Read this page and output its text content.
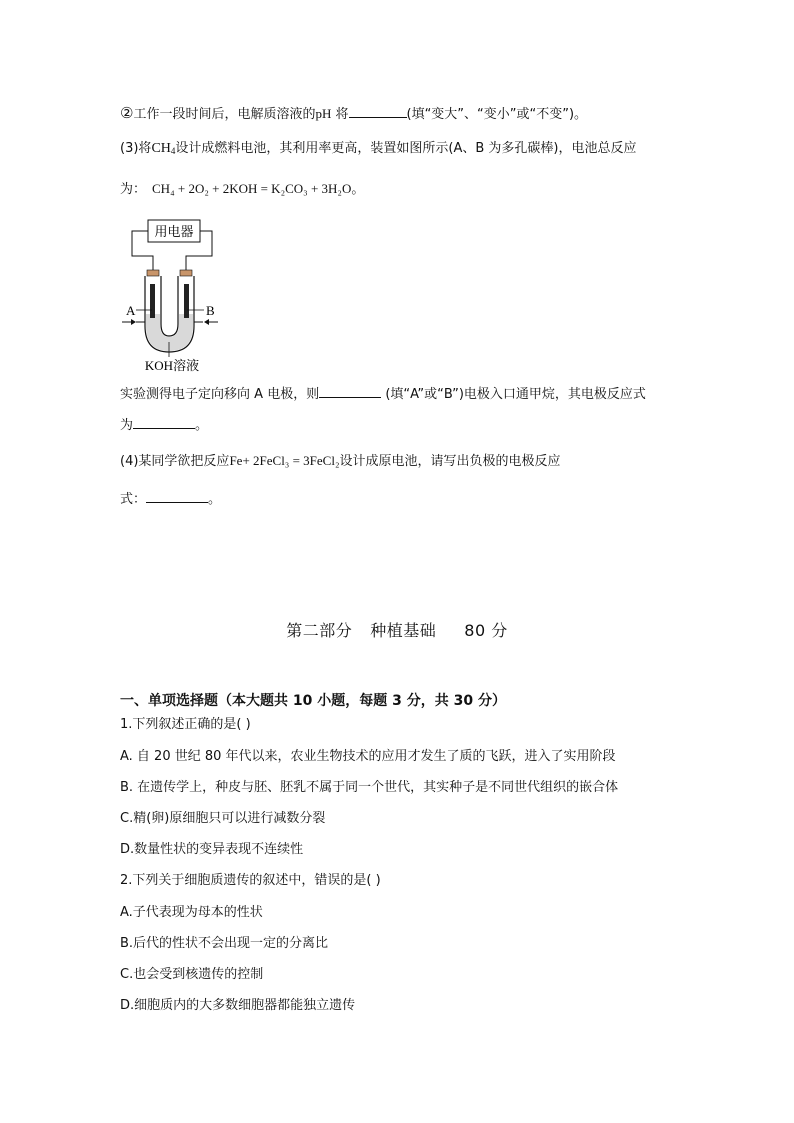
②工作一段时间后，电解质溶液的pH 将	(填“变大”、“变小”或“不变”)。
(3)将$CH_4$设计成燃料电池，其利用率更高，装置如图所示(A、B 为多孔碳棒)，电池总反应
为： CH₄ + 2O₂ + 2KOH = K₂CO₃ + 3H₂O。
用电器
A	B
KOH溶液
实验测得电子定向移向 A 电极，则	(填“A”或“B”)电极入口通甲烷，其电极反应式
为	。
(4)某同学欲把反应Fe+ 2FeCl₃ = 3FeCl₂设计成原电池，请写出负极的电极反应
式：	。
第二部分 种植基础 80 分
一、单项选择题（本大题共 10 小题，每题 3 分，共 30 分）
1.下列叙述正确的是( )
A. 自 20 世纪 80 年代以来，农业生物技术的应用才发生了质的飞跃，进入了实用阶段
B. 在遗传学上，种皮与胚、胚乳不属于同一个世代，其实种子是不同世代组织的嵌合体
C.精(卵)原细胞只可以进行减数分裂
D.数量性状的变异表现不连续性
2.下列关于细胞质遗传的叙述中，错误的是( )
A.子代表现为母本的性状
B.后代的性状不会出现一定的分离比
C.也会受到核遗传的控制
D.细胞质内的大多数细胞器都能独立遗传
